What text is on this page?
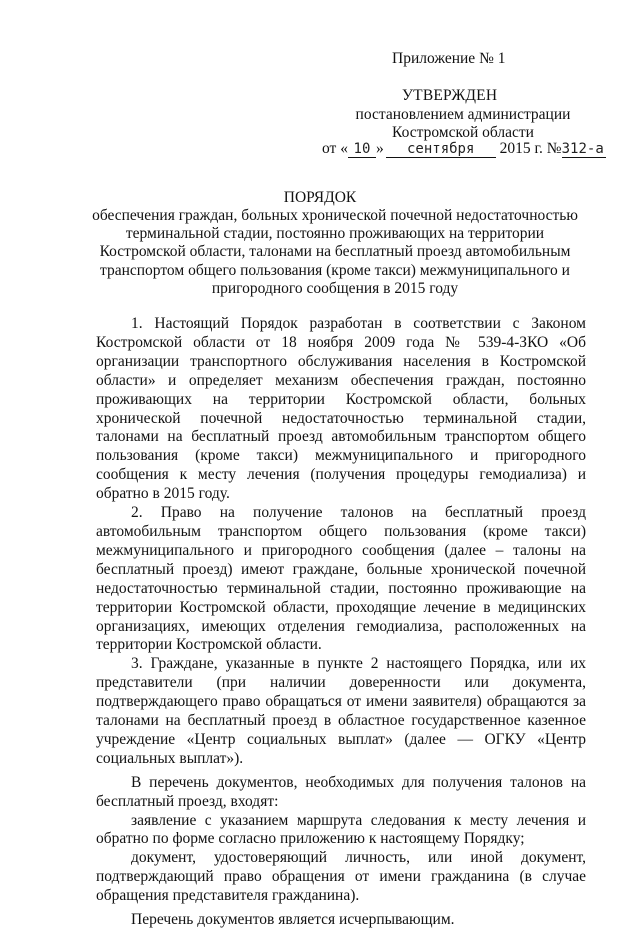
Приложение № 1
УТВЕРЖДЕН
постановлением администрации
Костромской области
от « 10 » сентября 2015 г. №312-а
ПОРЯДОК

обеспечения граждан, больных хронической почечной недостаточностью
терминальной стадии, постоянно проживающих на территории
Костромской области, талонами на бесплатный проезд автомобильным
транспортом общего пользования (кроме такси) межмуниципального и
пригородного сообщения в 2015 году

1. Настоящий Порядок разработан в соответствии с Законом Костромской области от 18 ноября 2009 года № 539-4-ЗКО «Об организации транспортного обслуживания населения в Костромской области» и определяет механизм обеспечения граждан, постоянно проживающих на территории Костромской области, больных хронической почечной недостаточностью терминальной стадии, талонами на бесплатный проезд автомобильным транспортом общего пользования (кроме такси) межмуниципального и пригородного сообщения к месту лечения (получения процедуры гемодиализа) и обратно в 2015 году.

2. Право на получение талонов на бесплатный проезд автомобильным транспортом общего пользования (кроме такси) межмуниципального и пригородного сообщения (далее – талоны на бесплатный проезд) имеют граждане, больные хронической почечной недостаточностью терминальной стадии, постоянно проживающие на территории Костромской области, проходящие лечение в медицинских организациях, имеющих отделения гемодиализа, расположенных на территории Костромской области.

3. Граждане, указанные в пункте 2 настоящего Порядка, или их представители (при наличии доверенности или документа, подтверждающего право обращаться от имени заявителя) обращаются за талонами на бесплатный проезд в областное государственное казенное учреждение «Центр социальных выплат» (далее — ОГКУ «Центр социальных выплат»).

В перечень документов, необходимых для получения талонов на бесплатный проезд, входят:

заявление с указанием маршрута следования к месту лечения и обратно по форме согласно приложению к настоящему Порядку;

документ, удостоверяющий личность, или иной документ, подтверждающий право обращения от имени гражданина (в случае обращения представителя гражданина).

Перечень документов является исчерпывающим.
